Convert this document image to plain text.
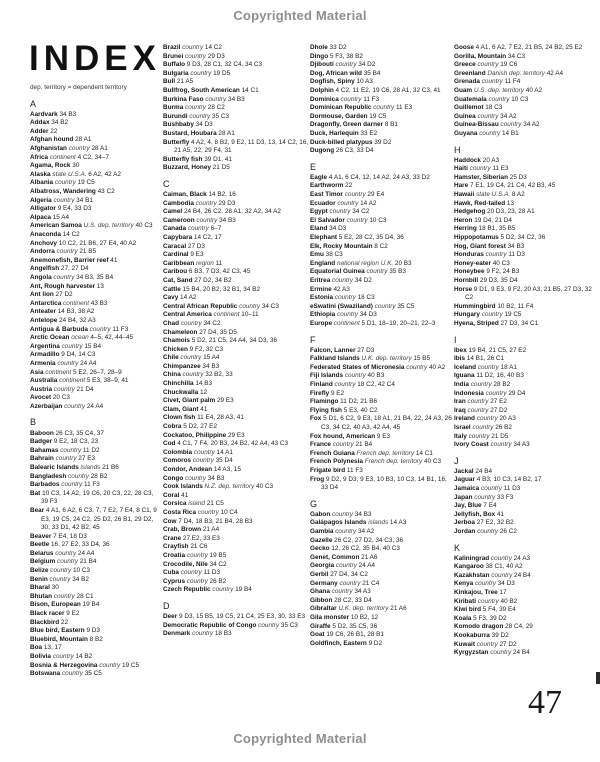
Copyrighted Material
INDEX
dep. territory = dependent territory
A
Aardvark 34 B3
Addax 34 B2
Adder 22
Afghan hound 28 A1
Afghanistan country 28 A1
Africa continent 4 C2, 34–7
Agama, Rock 30
Alaska state U.S.A. 6 A2, 42 A2
Albania country 19 C5
Albatross, Wandering 43 C2
Algeria country 34 B1
Alligator 9 E4, 33 D3
Alpaca 15 A4
American Samoa U.S. dep. territory 40 C3
Anaconda 14 C2
Anchovy 10 C2, 21 B6, 27 E4, 40 A2
Andorra country 21 B5
Anemonefish, Barrier reef 41
Angelfish 27, 27 D4
Angola country 34 B3, 35 B4
Ant, Rough harvester 13
Ant lion 27 D2
Antarctica continent 43 B3
Anteater 14 B3, 38 A2
Antelope 24 B4, 32 A3
Antigua & Barbuda country 11 F3
Arctic Ocean ocean 4–5, 42, 44–45
Argentina country 15 B4
Armadillo 9 D4, 14 C3
Armenia country 24 A4
Asia continent 5 E2, 26–7, 28–9
Australia continent 5 E3, 38–9, 41
Austria country 21 D4
Avocet 20 C3
Azerbaijan country 24 A4
B
Baboon 26 C3, 35 C4, 37
Badger 9 E2, 18 C3, 23
Bahamas country 11 D2
Bahrain country 27 E3
Balearic Islands islands 21 B6
Bangladesh country 28 B2
Barbados country 11 F3
Bat 10 C3, 14 A2, 19 C6, 20 C3, 22, 28 C3, 39 F3
Bear 4 A1, 6 A2, 6 C3, 7, 7 E2, 7 E4, 8 C1, 9 E3, 19 C5, 24 C2, 25 D2, 26 B1, 29 D2, 30, 33 D1, 42 B2, 45
Beaver 7 E4, 18 D3
Beetle 16, 27 E2, 33 D4, 36
Belarus country 24 A4
Belgium country 21 B4
Belize country 10 C3
Benin country 34 B2
Bharal 30
Bhutan country 28 C1
Bison, European 19 B4
Black racer 9 E2
Blackbird 22
Blue bird, Eastern 9 D3
Bluebird, Mountain 8 B2
Boa 13, 17
Bolivia country 14 B2
Bosnia & Herzegovina country 19 C5
Botswana country 35 C5
Brazil country 14 C2
Brunei country 29 D3
Buffalo 9 D3, 28 C1, 32 C4, 34 C3
Bulgaria country 19 D5
Bull 21 A5
Bullfrog, South American 14 C1
Burkina Faso country 34 B3
Burma country 28 C2
Burundi country 35 C3
Bushbaby 34 D3
Bustard, Houbara 28 A1
Butterfly 4 A2, 4, 8 B2, 9 E2, 11 D3, 13, 14 C2, 16, 21 A5, 22, 29 F4, 31
Butterfly fish 39 D1, 41
Buzzard, Honey 21 D5
C
Caiman, Black 14 B2, 16
Cambodia country 29 D3
Camel 24 B4, 26 C2, 28 A1, 32 A2, 34 A2
Cameroon country 34 B3
Canada country 6–7
Capybara 14 C2, 17
Caracal 27 D3
Cardinal 9 E3
Caribbean region 11
Caribou 6 B3, 7 D3, 42 C3, 45
Cat, Sand 27 D2, 34 B2
Cattle 15 B4, 20 B2, 32 B1, 34 B2
Cavy 14 A2
Central African Republic country 34 C3
Central America continent 10–11
Chad country 34 C2
Chameleon 27 D4, 35 D5
Chamois 5 D2, 21 C5, 24 A4, 34 D3, 36
Chicken 9 F2, 32 C3
Chile country 15 A4
Chimpanzee 34 B3
China country 32 B2, 33
Chinchilla 14 B3
Chuckwalla 12
Civet, Giant palm 29 E3
Clam, Giant 41
Clown fish 11 E4, 28 A3, 41
Cobra 5 D2, 27 E2
Cockatoo, Philippine 29 E3
Cod 4 C1, 7 F4, 20 B3, 24 B2, 42 A4, 43 C3
Colombia country 14 A1
Comoros country 35 D4
Condor, Andean 14 A3, 15
Congo country 34 B3
Cook Islands N.Z. dep. territory 40 C3
Coral 41
Corsica island 21 C5
Costa Rica country 10 C4
Cow 7 D4, 18 B3, 21 B4, 28 B3
Crab, Brown 21 A4
Crane 27 E2, 33 E3
Crayfish 21 C6
Croatia country 19 B5
Crocodile, Nile 34 C2
Cuba country 11 D3
Cyprus country 26 B2
Czech Republic country 19 B4
D
Deer 9 D3, 15 B5, 19 C5, 21 C4, 25 E3, 30, 33 E3
Democratic Republic of Congo country 35 C3
Denmark country 18 B3
Dhole 33 D2
Dingo 5 F3, 38 B2
Djibouti country 34 D2
Dog, African wild 35 B4
Dogfish, Spiny 10 A3
Dolphin 4 C2, 11 E2, 19 C6, 28 A1, 32 C3, 41
Dominica country 11 F3
Dominican Republic country 11 E3
Dormouse, Garden 19 C5
Dragonfly, Green darner 8 B1
Duck, Harlequin 33 E2
Duck-billed platypus 39 D2
Dugong 26 C3, 33 D4
E
Eagle 4 A1, 6 C4, 12, 14 A2, 24 A3, 33 D2
Earthworm 22
East Timor country 29 E4
Ecuador country 14 A2
Egypt country 34 C2
El Salvador country 10 C3
Eland 34 D3
Elephant 5 E2, 28 C2, 35 D4, 36
Elk, Rocky Mountain 8 C2
Emu 38 C3
England national region U.K. 20 B3
Equatorial Guinea country 35 B3
Eritrea country 34 D2
Ermine 42 A3
Estonia country 18 C3
eSwatini (Swaziland) country 35 C5
Ethiopia country 34 D3
Europe continent 5 D1, 18–19, 20–21, 22–3
F
Falcon, Lanner 27 D3
Falkland Islands U.K. dep. territory 15 B5
Federated States of Micronesia country 40 A2
Fiji Islands country 40 B3
Finland country 18 C2, 42 C4
Firefly 9 E2
Flamingo 11 D2, 21 B6
Flying fish 5 E3, 40 C2
Fox 5 D1, 6 C2, 9 E3, 18 A1, 21 B4, 22, 24 A3, 26 C3, 34 C2, 40 A3, 42 A4, 45
Fox hound, American 9 E3
France country 21 B4
French Guiana French dep. territory 14 C1
French Polynesia French dep. territory 40 C3
Frigate bird 11 F3
Frog 9 D2, 9 D3, 9 E3, 10 B3, 10 C3, 14 B1, 16, 33 D4
G
Gabon country 34 B3
Galápagos Islands islands 14 A3
Gambia country 34 A2
Gazelle 26 C2, 27 D2, 34 C3, 36
Gecko 12, 26 C2, 35 B4, 40 C3
Genet, Common 21 A6
Georgia country 24 A4
Gerbil 27 D4, 34 C2
Germany country 21 C4
Ghana country 34 A3
Gibbon 28 C2, 33 D4
Gibraltar U.K. dep. territory 21 A6
Gila monster 10 B2, 12
Giraffe 5 D2, 35 C5, 36
Goat 19 C6, 26 B1, 28 B1
Goldfinch, Eastern 9 D2
Goose 4 A1, 6 A2, 7 E2, 21 B5, 24 B2, 25 E2
Gorilla, Mountain 34 C3
Greece country 19 C6
Greenland Danish dep. territory 42 A4
Grenada country 11 F4
Guam U.S. dep. territory 40 A2
Guatemala country 10 C3
Guillemot 18 C3
Guinea country 34 A2
Guinea-Bissau country 34 A2
Guyana country 14 B1
H
Haddock 20 A3
Haiti country 11 E3
Hamster, Siberian 25 D3
Hare 7 E1, 19 C4, 21 C4, 42 B3, 45
Hawaii state U.S.A. 8 A2
Hawk, Red-tailed 13
Hedgehog 20 D3, 23, 28 A1
Heron 19 D4, 21 D4
Herring 18 B1, 35 B5
Hippopotamus 5 D2, 34 C2, 36
Hog, Giant forest 34 B3
Honduras country 11 D3
Honey-eater 40 C3
Honeybee 9 F2, 24 B3
Hornbill 29 D3, 35 D4
Horse 9 D1, 9 E3, 9 F2, 20 A3, 21 B5, 27 D3, 32 C2
Hummingbird 10 B2, 11 F4
Hungary country 19 C5
Hyena, Striped 27 D3, 34 C1
I
Ibex 19 B4, 21 C5, 27 E2
Ibis 14 B1, 26 C1
Iceland country 18 A1
Iguana 11 D2, 16, 40 B3
India country 28 B2
Indonesia country 29 D4
Iran country 27 E2
Iraq country 27 D2
Ireland country 20 A3
Israel country 26 B2
Italy country 21 D5
Ivory Coast country 34 A3
J
Jackal 24 B4
Jaguar 4 B3, 10 C3, 14 B2, 17
Jamaica country 11 D3
Japan country 33 F3
Jay, Blue 7 E4
Jellyfish, Box 41
Jerboa 27 E2, 32 B2
Jordan country 26 C2
K
Kaliningrad country 24 A3
Kangaroo 38 C1, 40 A2
Kazakhstan country 24 B4
Kenya country 34 D3
Kinkajou, Tree 17
Kiribati country 40 B2
Kiwi bird 5 F4, 39 E4
Koala 5 F3, 39 D2
Komodo dragon 28 C4, 29
Kookaburra 39 D2
Kuwait country 27 D2
Kyrgyzstan country 24 B4
47
Copyrighted Material
